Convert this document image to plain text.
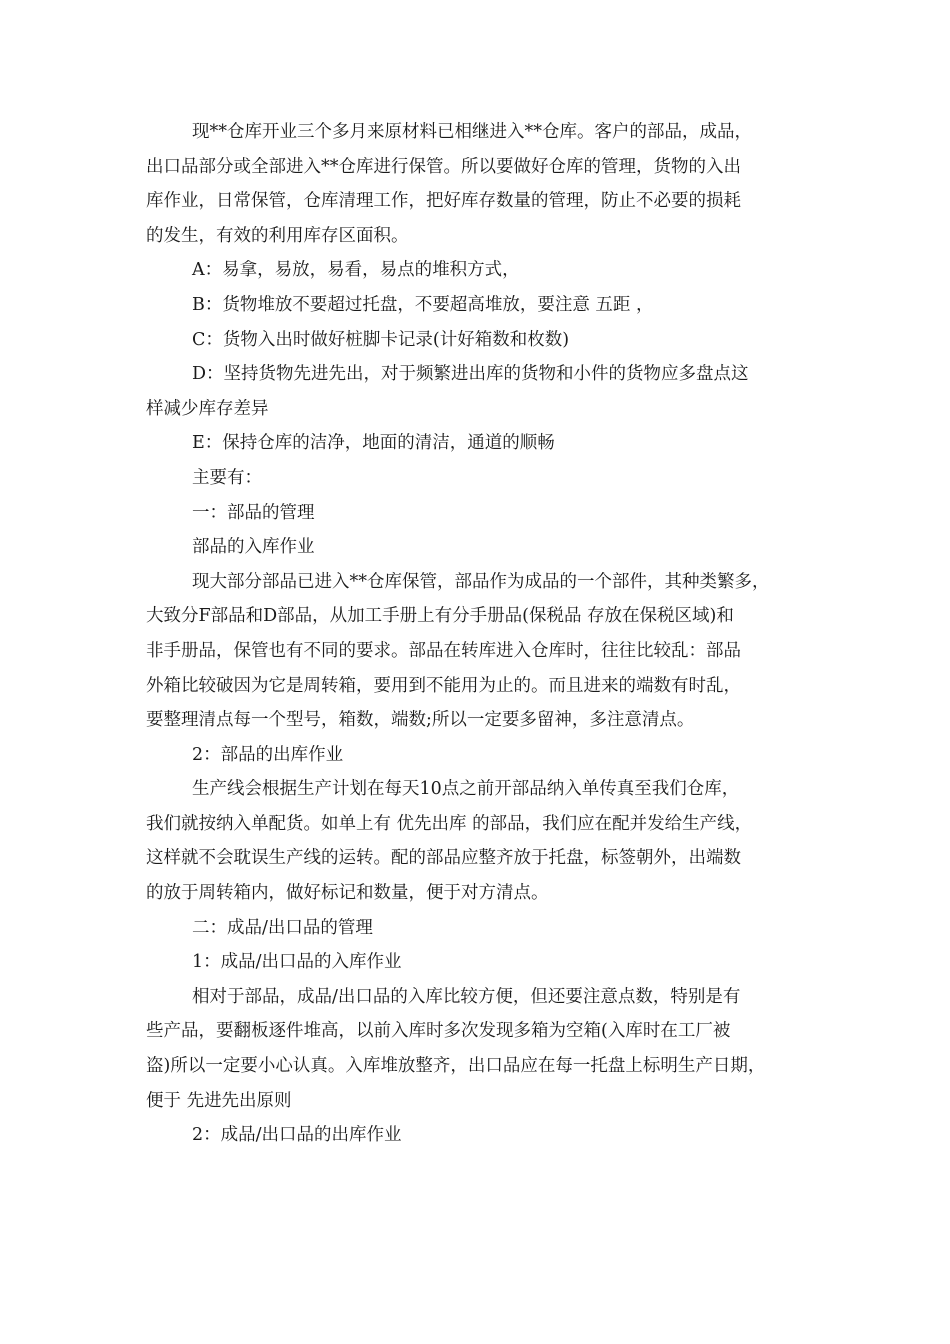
现**仓库开业三个多月来原材料已相继进入**仓库。客户的部品，成品，
出口品部分或全部进入**仓库进行保管。所以要做好仓库的管理，货物的入出
库作业，日常保管，仓库清理工作，把好库存数量的管理，防止不必要的损耗
的发生，有效的利用库存区面积。

A：易拿，易放，易看，易点的堆积方式，

B：货物堆放不要超过托盘，不要超高堆放，要注意 五距 ，

C：货物入出时做好桩脚卡记录(计好箱数和枚数)

D：坚持货物先进先出，对于频繁进出库的货物和小件的货物应多盘点这
样减少库存差异

E：保持仓库的洁净，地面的清洁，通道的顺畅

主要有：

一：部品的管理

部品的入库作业

现大部分部品已进入**仓库保管，部品作为成品的一个部件，其种类繁多，
大致分F部品和D部品，从加工手册上有分手册品(保税品 存放在保税区域)和
非手册品，保管也有不同的要求。部品在转库进入仓库时，往往比较乱：部品
外箱比较破因为它是周转箱，要用到不能用为止的。而且进来的端数有时乱，
要整理清点每一个型号，箱数，端数;所以一定要多留神，多注意清点。

2：部品的出库作业

生产线会根据生产计划在每天10点之前开部品纳入单传真至我们仓库，
我们就按纳入单配货。如单上有 优先出库 的部品，我们应在配并发给生产线，
这样就不会耽误生产线的运转。配的部品应整齐放于托盘，标签朝外，出端数
的放于周转箱内，做好标记和数量，便于对方清点。

二：成品/出口品的管理

1：成品/出口品的入库作业

相对于部品，成品/出口品的入库比较方便，但还要注意点数，特别是有
些产品，要翻板逐件堆高，以前入库时多次发现多箱为空箱(入库时在工厂被
盗)所以一定要小心认真。入库堆放整齐，出口品应在每一托盘上标明生产日期，
便于 先进先出原则

2：成品/出口品的出库作业
